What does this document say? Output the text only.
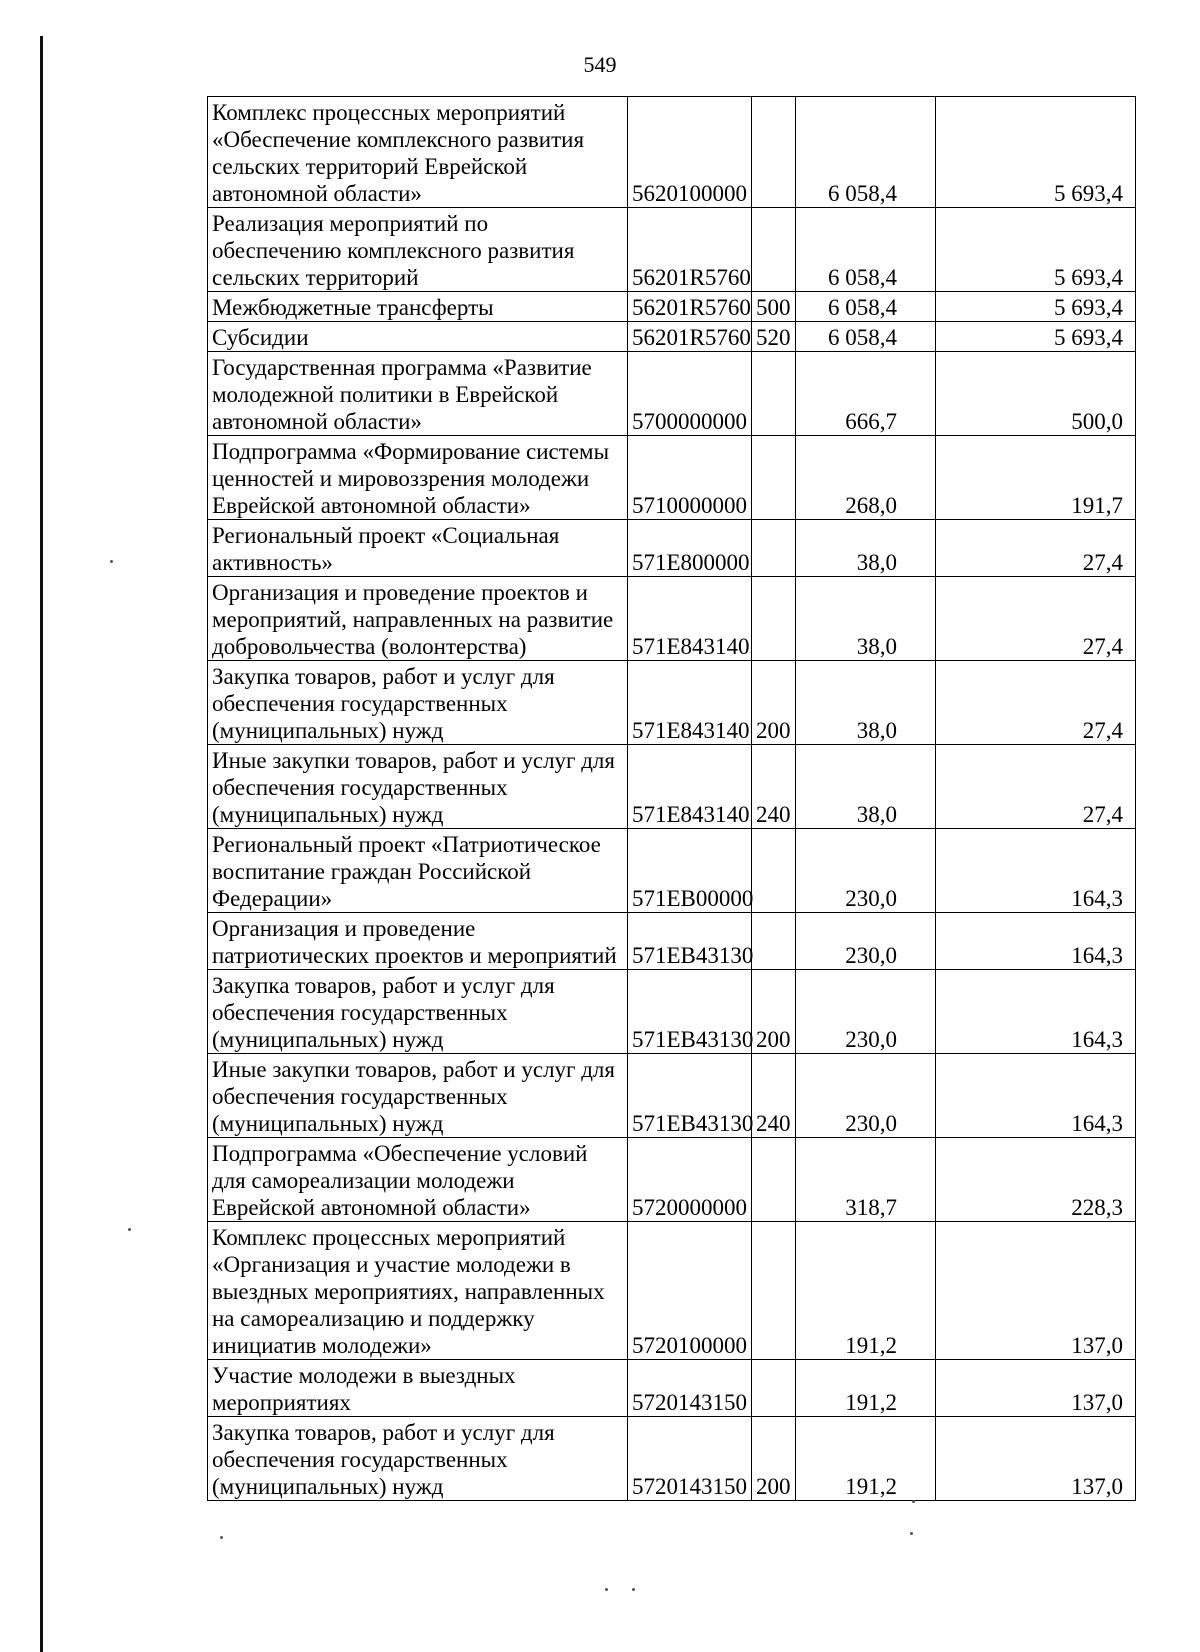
549
Комплекс процессных мероприятий «Обеспечение комплексного развития сельских территорий Еврейской автономной области»	5620100000		6 058,4	5 693,4
Реализация мероприятий по обеспечению комплексного развития сельских территорий	56201R5760		6 058,4	5 693,4
Межбюджетные трансферты	56201R5760	500	6 058,4	5 693,4
Субсидии	56201R5760	520	6 058,4	5 693,4
Государственная программа «Развитие молодежной политики в Еврейской автономной области»	5700000000		666,7	500,0
Подпрограмма «Формирование системы ценностей и мировоззрения молодежи Еврейской автономной области»	5710000000		268,0	191,7
Региональный проект «Социальная активность»	571E800000		38,0	27,4
Организация и проведение проектов и мероприятий, направленных на развитие добровольчества (волонтерства)	571E843140		38,0	27,4
Закупка товаров, работ и услуг для обеспечения государственных (муниципальных) нужд	571E843140	200	38,0	27,4
Иные закупки товаров, работ и услуг для обеспечения государственных (муниципальных) нужд	571E843140	240	38,0	27,4
Региональный проект «Патриотическое воспитание граждан Российской Федерации»	571EB00000		230,0	164,3
Организация и проведение патриотических проектов и мероприятий	571EB43130		230,0	164,3
Закупка товаров, работ и услуг для обеспечения государственных (муниципальных) нужд	571EB43130	200	230,0	164,3
Иные закупки товаров, работ и услуг для обеспечения государственных (муниципальных) нужд	571EB43130	240	230,0	164,3
Подпрограмма «Обеспечение условий для самореализации молодежи Еврейской автономной области»	5720000000		318,7	228,3
Комплекс процессных мероприятий «Организация и участие молодежи в выездных мероприятиях, направленных на самореализацию и поддержку инициатив молодежи»	5720100000		191,2	137,0
Участие молодежи в выездных мероприятиях	5720143150		191,2	137,0
Закупка товаров, работ и услуг для обеспечения государственных (муниципальных) нужд	5720143150	200	191,2	137,0
